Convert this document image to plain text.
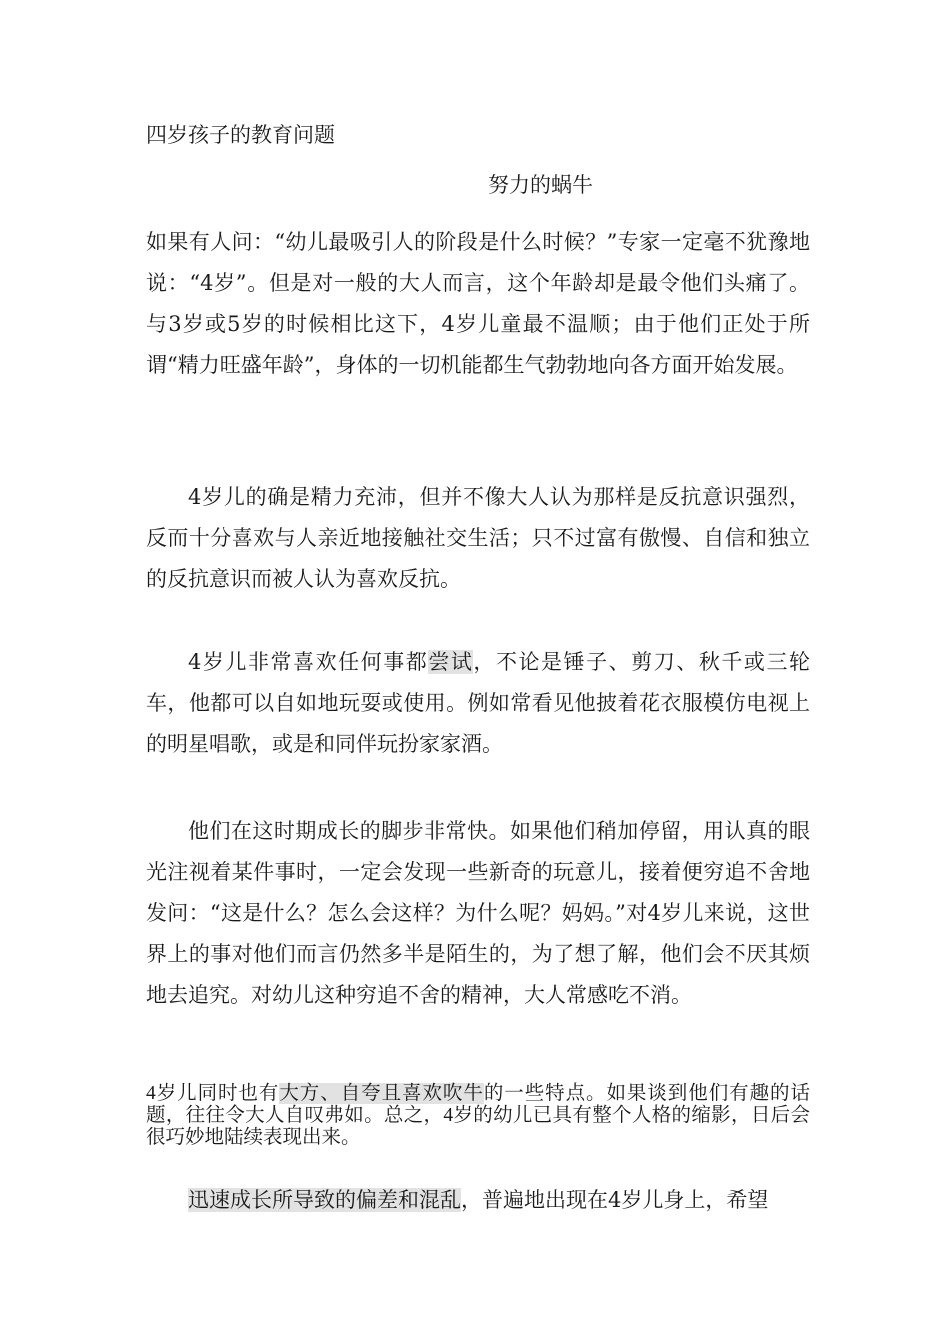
四岁孩子的教育问题
努力的蜗牛

如果有人问：“幼儿最吸引人的阶段是什么时候？”专家一定毫不犹豫地说：“4岁”。但是对一般的大人而言，这个年龄却是最令他们头痛了。与3岁或5岁的时候相比这下，4岁儿童最不温顺；由于他们正处于所谓“精力旺盛年龄”，身体的一切机能都生气勃勃地向各方面开始发展。

4岁儿的确是精力充沛，但并不像大人认为那样是反抗意识强烈，反而十分喜欢与人亲近地接触社交生活；只不过富有傲慢、自信和独立的反抗意识而被人认为喜欢反抗。

4岁儿非常喜欢任何事都尝试，不论是锤子、剪刀、秋千或三轮车，他都可以自如地玩耍或使用。例如常看见他披着花衣服模仿电视上的明星唱歌，或是和同伴玩扮家家酒。

他们在这时期成长的脚步非常快。如果他们稍加停留，用认真的眼光注视着某件事时，一定会发现一些新奇的玩意儿，接着便穷追不舍地发问：“这是什么？怎么会这样？为什么呢？妈妈。”对4岁儿来说，这世界上的事对他们而言仍然多半是陌生的，为了想了解，他们会不厌其烦地去追究。对幼儿这种穷追不舍的精神，大人常感吃不消。

4岁儿同时也有大方、自夸且喜欢吹牛的一些特点。如果谈到他们有趣的话题，往往令大人自叹弗如。总之，4岁的幼儿已具有整个人格的缩影，日后会很巧妙地陆续表现出来。

迅速成长所导致的偏差和混乱，普遍地出现在4岁儿身上，希望
